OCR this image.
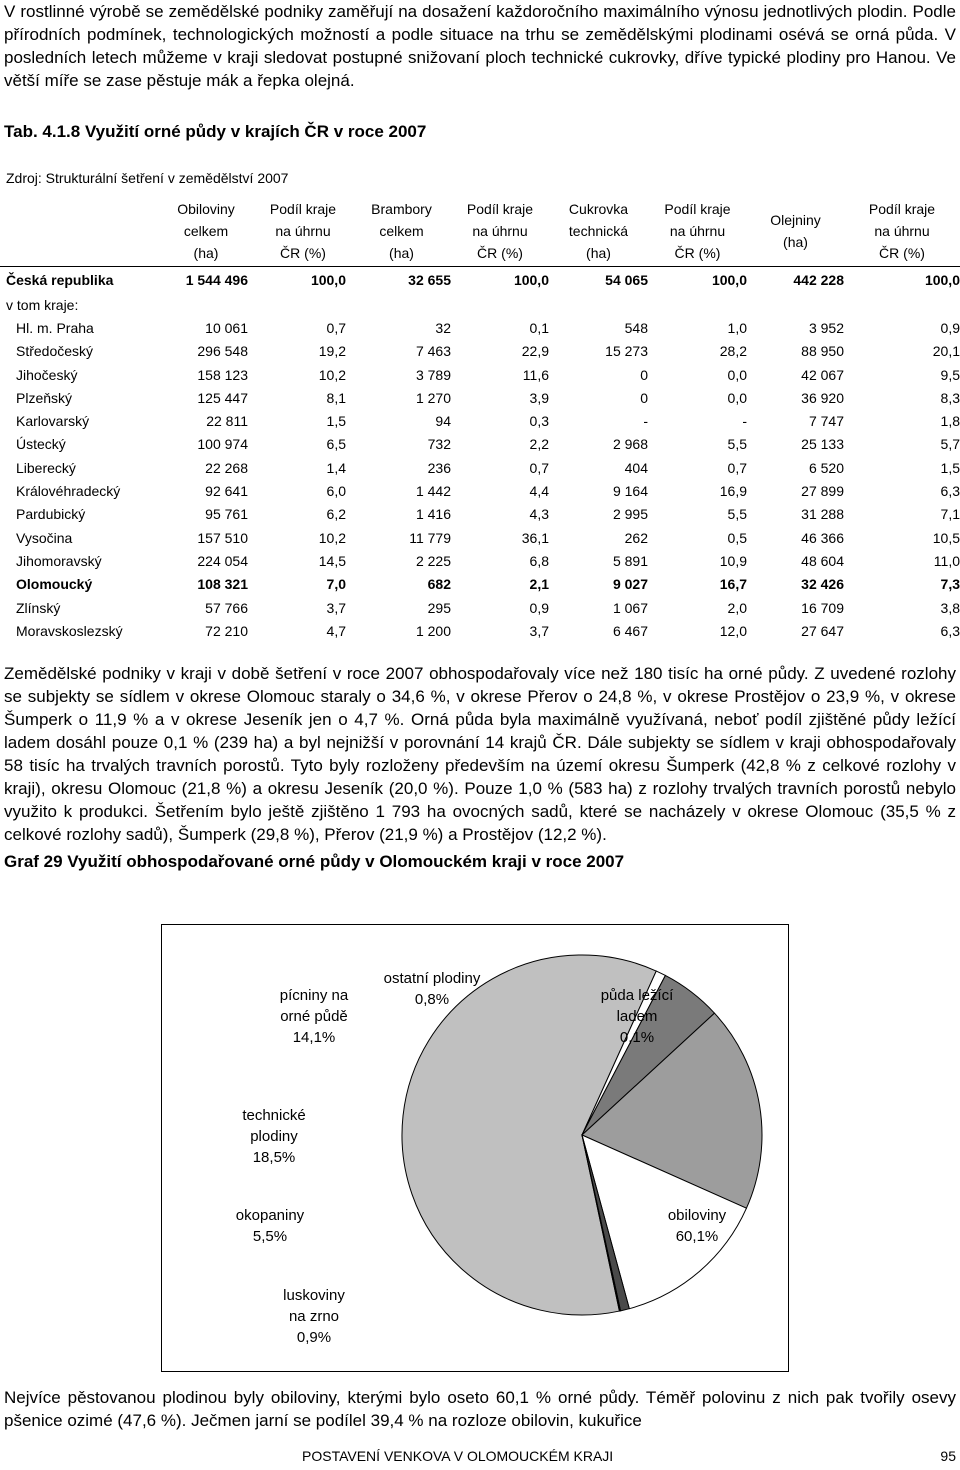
V rostlinné výrobě se zemědělské podniky zaměřují na dosažení každoročního maximálního výnosu jednotlivých plodin. Podle přírodních podmínek, technologických možností a podle situace na trhu se zemědělskými plodinami osévá se orná půda. V posledních letech můžeme v kraji sledovat postupné snižovaní ploch technické cukrovky, dříve typické plodiny pro Hanou. Ve větší míře se zase pěstuje mák a řepka olejná.

Tab. 4.1.8 Využití orné půdy v krajích ČR v roce 2007

Zdroj: Strukturální šetření v zemědělství 2007
	Obiloviny
celkem
(ha)	Podíl kraje
na úhrnu
ČR (%)	Brambory
celkem
(ha)	Podíl kraje
na úhrnu
ČR (%)	Cukrovka
technická
(ha)	Podíl kraje
na úhrnu
ČR (%)	Olejniny
(ha)	Podíl kraje
na úhrnu
ČR (%)
Česká republika	1 544 496	100,0	32 655	100,0	54 065	100,0	442 228	100,0
v tom kraje:								
Hl. m. Praha	10 061	0,7	32	0,1	548	1,0	3 952	0,9
Středočeský	296 548	19,2	7 463	22,9	15 273	28,2	88 950	20,1
Jihočeský	158 123	10,2	3 789	11,6	0	0,0	42 067	9,5
Plzeňský	125 447	8,1	1 270	3,9	0	0,0	36 920	8,3
Karlovarský	22 811	1,5	94	0,3	-	-	7 747	1,8
Ústecký	100 974	6,5	732	2,2	2 968	5,5	25 133	5,7
Liberecký	22 268	1,4	236	0,7	404	0,7	6 520	1,5
Královéhradecký	92 641	6,0	1 442	4,4	9 164	16,9	27 899	6,3
Pardubický	95 761	6,2	1 416	4,3	2 995	5,5	31 288	7,1
Vysočina	157 510	10,2	11 779	36,1	262	0,5	46 366	10,5
Jihomoravský	224 054	14,5	2 225	6,8	5 891	10,9	48 604	11,0
Olomoucký	108 321	7,0	682	2,1	9 027	16,7	32 426	7,3
Zlínský	57 766	3,7	295	0,9	1 067	2,0	16 709	3,8
Moravskoslezský	72 210	4,7	1 200	3,7	6 467	12,0	27 647	6,3

Zemědělské podniky v kraji v době šetření v roce 2007 obhospodařovaly více než 180 tisíc ha orné půdy. Z uvedené rozlohy se subjekty se sídlem v okrese Olomouc staraly o 34,6 %, v okrese Přerov o 24,8 %, v okrese Prostějov o 23,9 %, v okrese Šumperk o 11,9 % a v okrese Jeseník jen o 4,7 %. Orná půda byla maximálně využívaná, neboť podíl zjištěné půdy ležící ladem dosáhl pouze 0,1 % (239 ha) a byl nejnižší v porovnání 14 krajů ČR. Dále subjekty se sídlem v kraji obhospodařovaly 58 tisíc ha trvalých travních porostů. Tyto byly rozloženy především na území okresu Šumperk (42,8 % z celkové rozlohy v kraji), okresu Olomouc (21,8 %) a okresu Jeseník (20,0 %). Pouze 1,0 % (583 ha) z rozlohy trvalých travních porostů nebylo využito k produkci. Šetřením bylo ještě zjištěno 1 793 ha ovocných sadů, které se nacházely v okrese Olomouc (35,5 % z celkové rozlohy sadů), Šumperk (29,8 %), Přerov (21,9 %) a Prostějov (12,2 %).

Graf 29 Využití obhospodařované orné půdy v Olomouckém kraji v roce 2007

obiloviny 60,1%
luskoviny na zrno 0,9%
okopaniny 5,5%
technické plodiny 18,5%
pícniny na orné půdě 14,1%
ostatní plodiny 0,8%	půda ležící ladem 0,1%

Nejvíce pěstovanou plodinou byly obiloviny, kterými bylo oseto 60,1 % orné půdy. Téměř polovinu z nich pak tvořily osevy pšenice ozimé (47,6 %). Ječmen jarní se podílel 39,4 % na rozloze obilovin, kukuřice

POSTAVENÍ VENKOVA V OLOMOUCKÉM KRAJI	95
